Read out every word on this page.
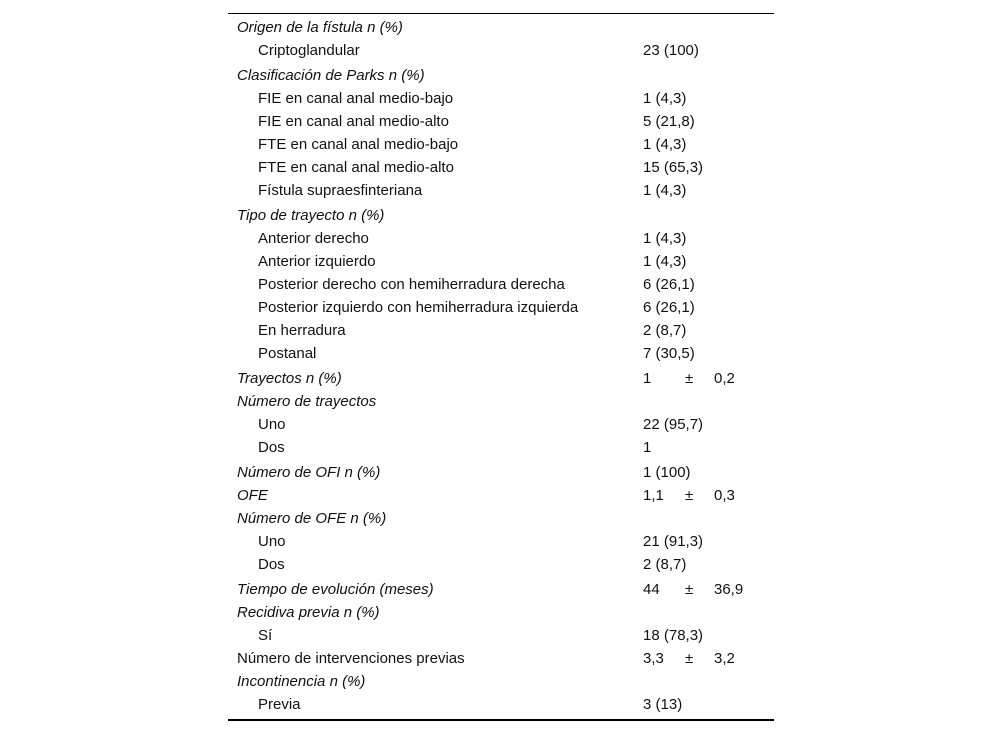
Origen de la fístula n (%)
Criptoglandular	23 (100)
Clasificación de Parks n (%)
FIE en canal anal medio-bajo	1 (4,3)
FIE en canal anal medio-alto	5 (21,8)
FTE en canal anal medio-bajo	1 (4,3)
FTE en canal anal medio-alto	15 (65,3)
Fístula supraesfinteriana	1 (4,3)
Tipo de trayecto n (%)
Anterior derecho	1 (4,3)
Anterior izquierdo	1 (4,3)
Posterior derecho con hemiherradura derecha	6 (26,1)
Posterior izquierdo con hemiherradura izquierda	6 (26,1)
En herradura	2 (8,7)
Postanal	7 (30,5)
Trayectos n (%)	1 ± 0,2
Número de trayectos
Uno	22 (95,7)
Dos	1
Número de OFI n (%)	1 (100)
OFE	1,1 ± 0,3
Número de OFE n (%)
Uno	21 (91,3)
Dos	2 (8,7)
Tiempo de evolución (meses)	44 ± 36,9
Recidiva previa n (%)
Sí	18 (78,3)
Número de intervenciones previas	3,3 ± 3,2
Incontinencia n (%)
Previa	3 (13)
